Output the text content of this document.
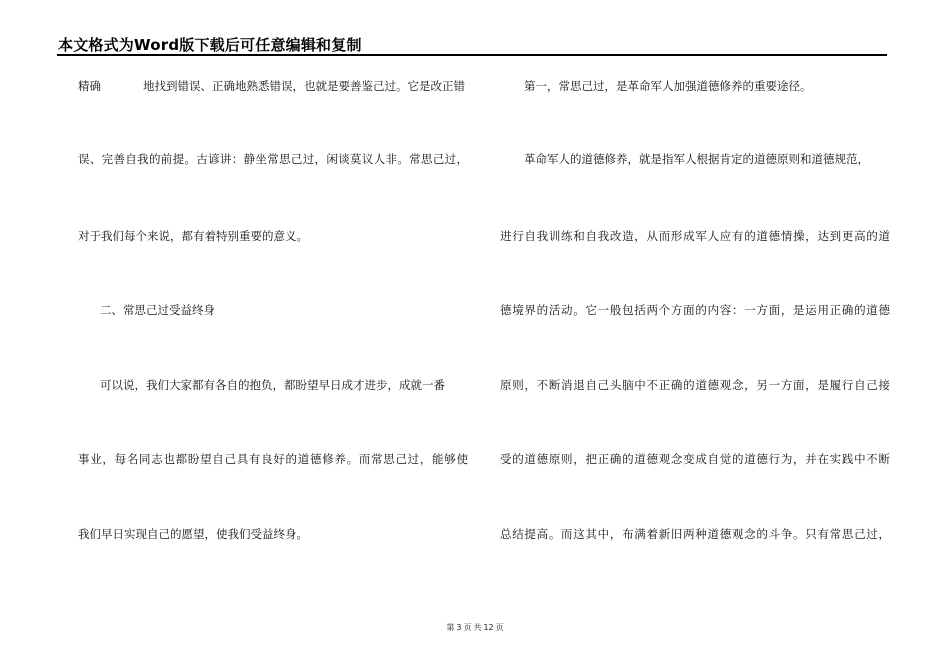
本文格式为Word版下载后可任意编辑和复制
精确	地找到错误、正确地熟悉错误，也就是要善鉴己过。它是改正错
误、完善自我的前提。古谚讲：静坐常思己过，闲谈莫议人非。常思己过，
对于我们每个来说，都有着特别重要的意义。
二、常思己过受益终身
可以说，我们大家都有各自的抱负，都盼望早日成才进步，成就一番
事业，每名同志也都盼望自己具有良好的道德修养。而常思己过，能够使
我们早日实现自己的愿望，使我们受益终身。
第一，常思己过，是革命军人加强道德修养的重要途径。
革命军人的道德修养，就是指军人根据肯定的道德原则和道德规范，
进行自我训练和自我改造，从而形成军人应有的道德情操，达到更高的道
德境界的活动。它一般包括两个方面的内容：一方面，是运用正确的道德
原则，不断消退自己头脑中不正确的道德观念，另一方面，是履行自己接
受的道德原则，把正确的道德观念变成自觉的道德行为，并在实践中不断
总结提高。而这其中，布满着新旧两种道德观念的斗争。只有常思己过，
第 3 页 共 12 页
